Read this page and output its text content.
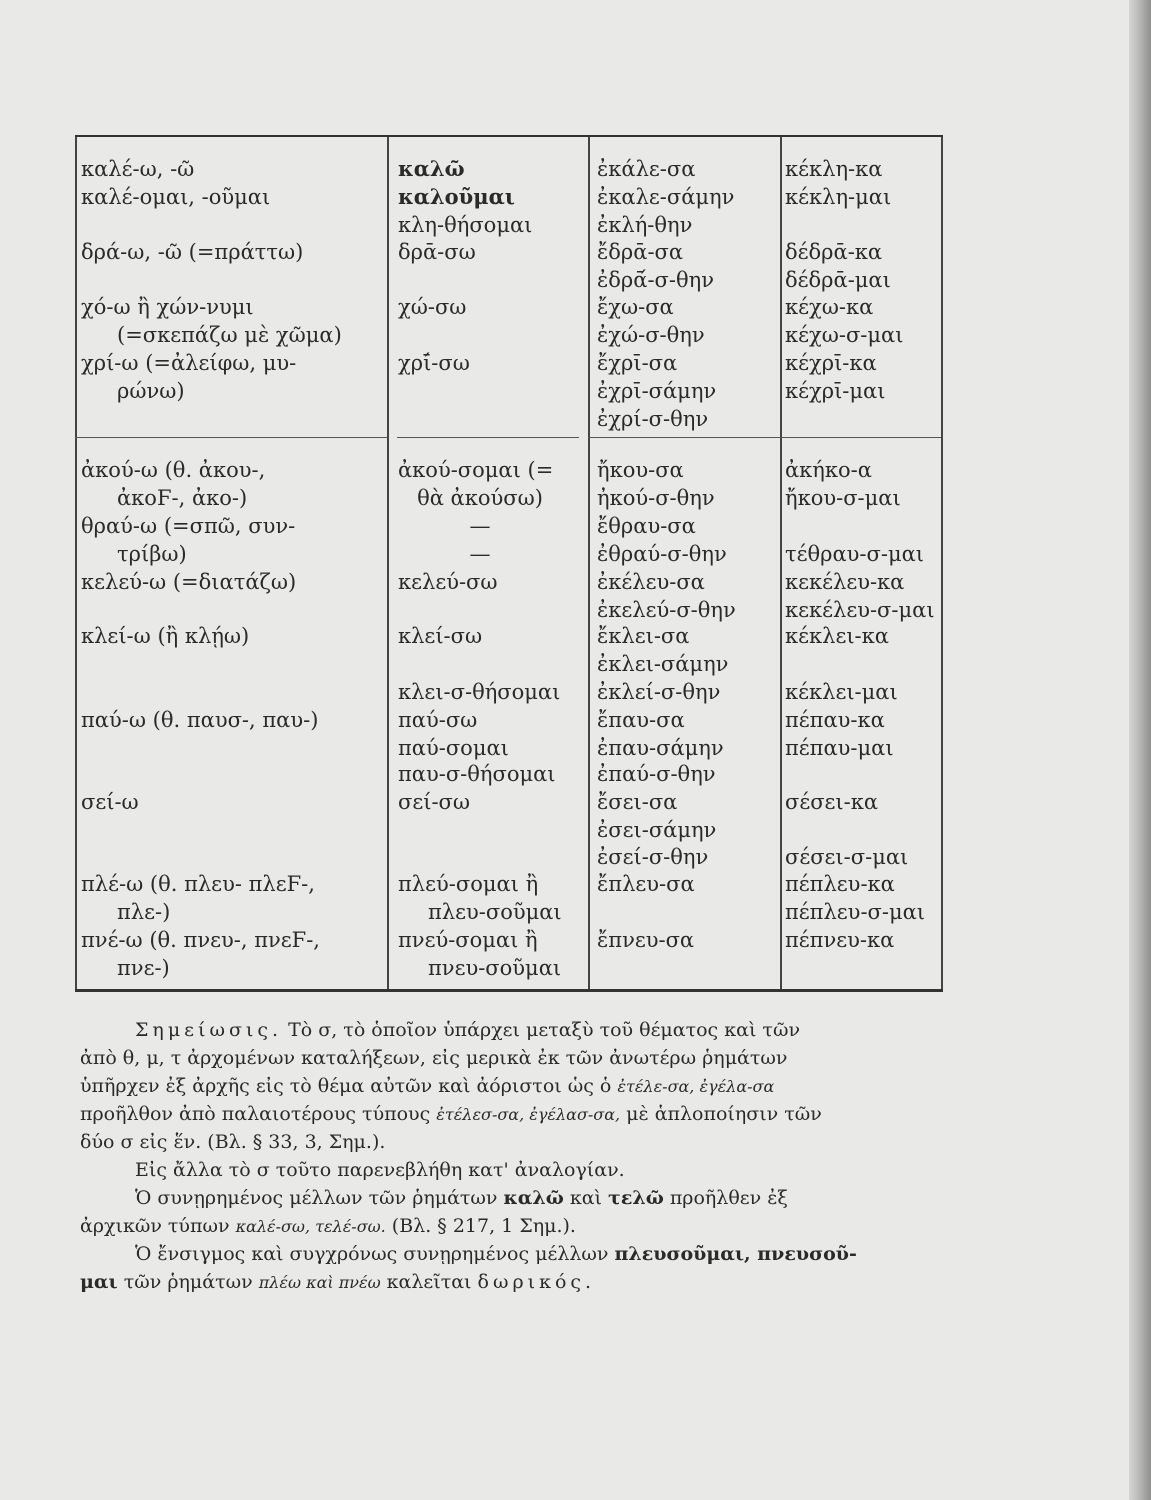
καλέ-ω, -ῶ
καλέ-ομαι, -οῦμαι
δρά-ω, -ῶ (=πράττω)
χό-ω ἢ χών-νυμι
(=σκεπάζω μὲ χῶμα)
χρί-ω (=ἀλείφω, μυ-
ρώνω)
ἀκού-ω (θ. ἀκου-,
ἀκοϜ-, ἀκο-)
θραύ-ω (=σπῶ, συν-
τρίβω)
κελεύ-ω (=διατάζω)
κλεί-ω (ἢ κλῄω)
παύ-ω (θ. παυσ-, παυ-)
σεί-ω
πλέ-ω (θ. πλευ- πλεϜ-,
πλε-)
πνέ-ω (θ. πνευ-, πνεϜ-,
πνε-)
καλῶ
καλοῦμαι
κλη-θήσομαι
δρᾱ-σω
χώ-σω
χρῑ́-σω
ἀκού-σομαι (=
θὰ ἀκούσω)
—
—
κελεύ-σω
κλεί-σω
κλει-σ-θήσομαι
παύ-σω
παύ-σομαι
παυ-σ-θήσομαι
σεί-σω
πλεύ-σομαι ἢ
πλευ-σοῦμαι
πνεύ-σομαι ἢ
πνευ-σοῦμαι
ἐκάλε-σα
ἐκαλε-σάμην
ἐκλή-θην
ἔδρᾱ-σα
ἐδρᾱ́-σ-θην
ἔχω-σα
ἐχώ-σ-θην
ἔχρῑ-σα
ἐχρῑ-σάμην
ἐχρί-σ-θην
ἤκου-σα
ἠκού-σ-θην
ἔθραυ-σα
ἐθραύ-σ-θην
ἐκέλευ-σα
ἐκελεύ-σ-θην
ἔκλει-σα
ἐκλει-σάμην
ἐκλεί-σ-θην
ἔπαυ-σα
ἐπαυ-σάμην
ἐπαύ-σ-θην
ἔσει-σα
ἐσει-σάμην
ἐσεί-σ-θην
ἔπλευ-σα
ἔπνευ-σα
κέκλη-κα
κέκλη-μαι
δέδρᾱ-κα
δέδρᾱ-μαι
κέχω-κα
κέχω-σ-μαι
κέχρῑ-κα
κέχρῑ-μαι
ἀκήκο-α
ἤκου-σ-μαι
τέθραυ-σ-μαι
κεκέλευ-κα
κεκέλευ-σ-μαι
κέκλει-κα
κέκλει-μαι
πέπαυ-κα
πέπαυ-μαι
σέσει-κα
σέσει-σ-μαι
πέπλευ-κα
πέπλευ-σ-μαι
πέπνευ-κα
Σημείωσις. Τὸ σ, τὸ ὁποῖον ὑπάρχει μεταξὺ τοῦ θέματος καὶ τῶν
ἀπὸ θ, μ, τ ἀρχομένων καταλήξεων, εἰς μερικὰ ἐκ τῶν ἀνωτέρω ῥημάτων
ὑπῆρχεν ἐξ ἀρχῆς εἰς τὸ θέμα αὐτῶν καὶ ἀόριστοι ὡς ὁ ἐτέλε-σα, ἐγέλα-σα
προῆλθον ἀπὸ παλαιοτέρους τύπους ἐτέλεσ-σα, ἐγέλασ-σα, μὲ ἁπλοποίησιν τῶν
δύο σ εἰς ἕν. (Βλ. § 33, 3, Σημ.).
Εἰς ἄλλα τὸ σ τοῦτο παρενεβλήθη κατ' ἀναλογίαν.
Ὁ συνῃρημένος μέλλων τῶν ῥημάτων καλῶ καὶ τελῶ προῆλθεν ἐξ
ἀρχικῶν τύπων καλέ-σω, τελέ-σω. (Βλ. § 217, 1 Σημ.).
Ὁ ἔνσιγμος καὶ συγχρόνως συνῃρημένος μέλλων πλευσοῦμαι, πνευσοῦ-
μαι τῶν ῥημάτων πλέω καὶ πνέω καλεῖται δωρικός.
